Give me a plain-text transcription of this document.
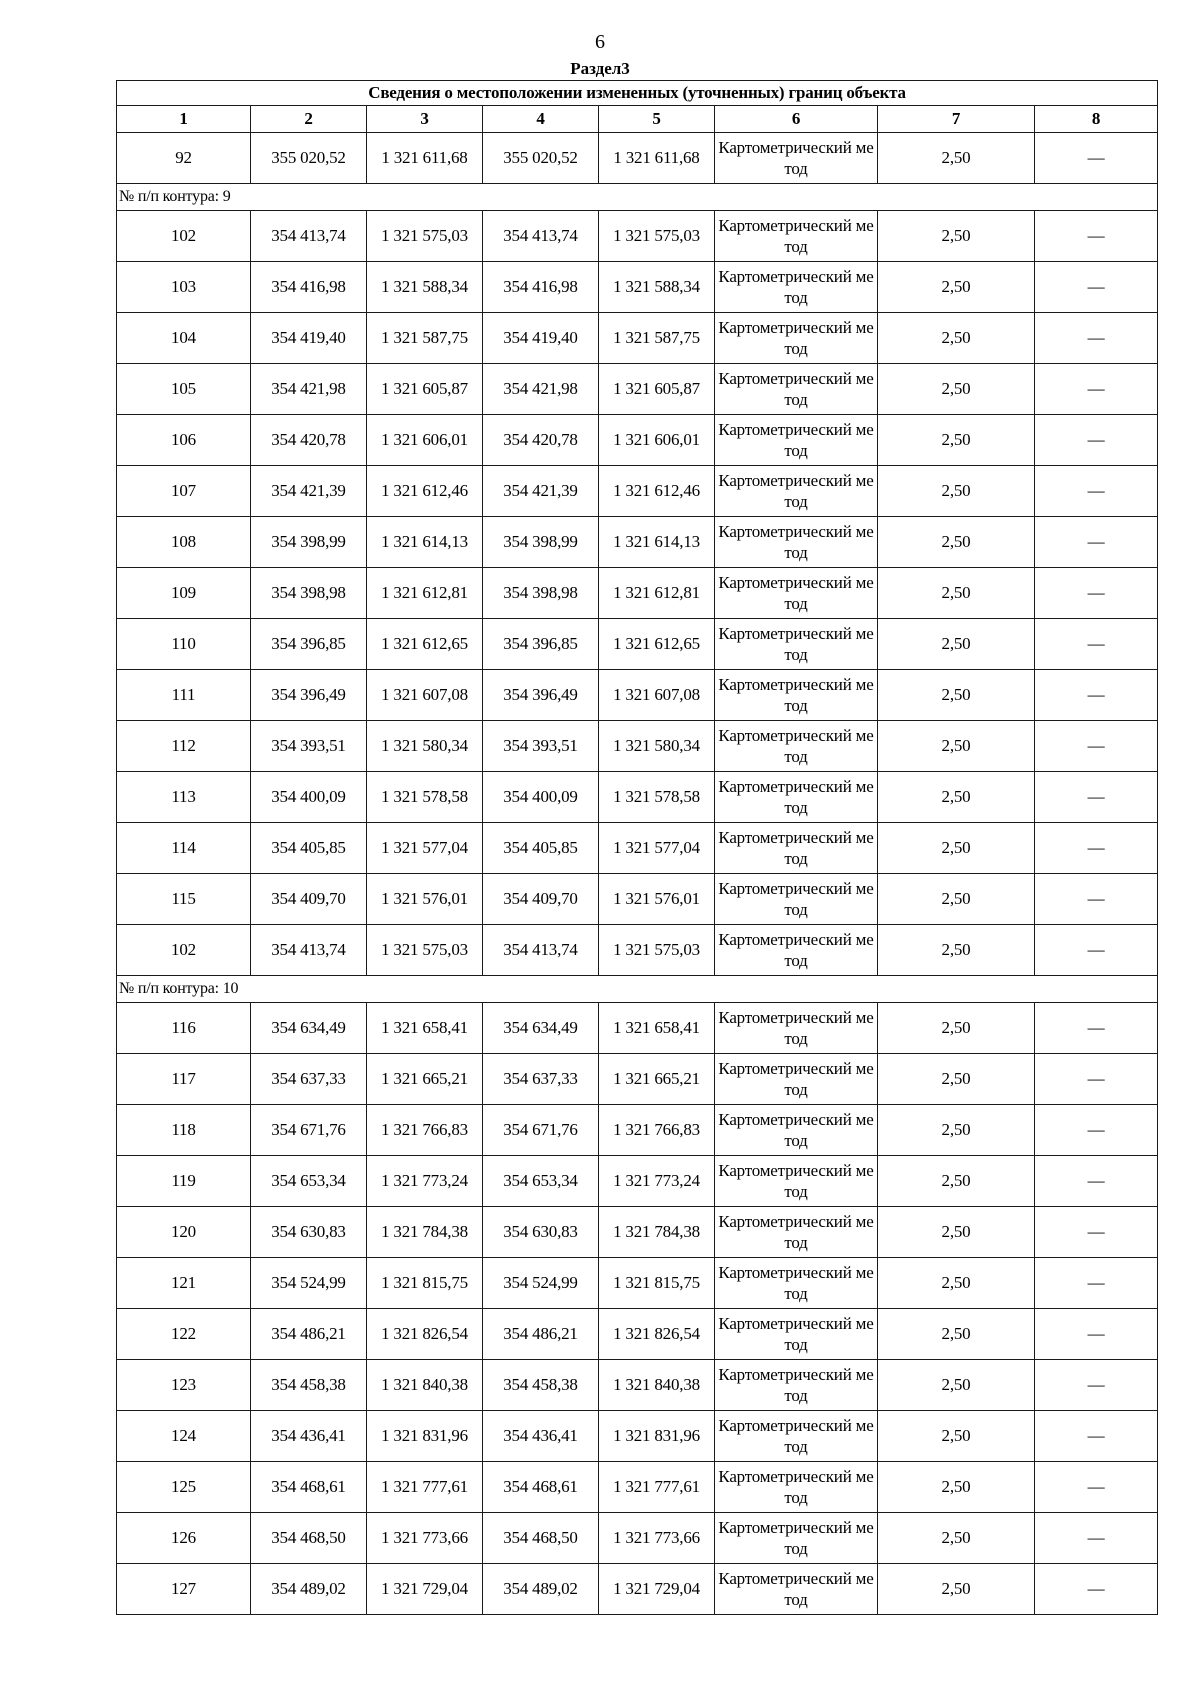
6
Раздел3
Сведения о местоположении измененных (уточненных) границ объекта							
1	2	3	4	5	6	7	8
92	355 020,52	1 321 611,68	355 020,52	1 321 611,68	Картометрический метод	2,50	—
№ п/п контура: 9							
102	354 413,74	1 321 575,03	354 413,74	1 321 575,03	Картометрический метод	2,50	—
103	354 416,98	1 321 588,34	354 416,98	1 321 588,34	Картометрический метод	2,50	—
104	354 419,40	1 321 587,75	354 419,40	1 321 587,75	Картометрический метод	2,50	—
105	354 421,98	1 321 605,87	354 421,98	1 321 605,87	Картометрический метод	2,50	—
106	354 420,78	1 321 606,01	354 420,78	1 321 606,01	Картометрический метод	2,50	—
107	354 421,39	1 321 612,46	354 421,39	1 321 612,46	Картометрический метод	2,50	—
108	354 398,99	1 321 614,13	354 398,99	1 321 614,13	Картометрический метод	2,50	—
109	354 398,98	1 321 612,81	354 398,98	1 321 612,81	Картометрический метод	2,50	—
110	354 396,85	1 321 612,65	354 396,85	1 321 612,65	Картометрический метод	2,50	—
111	354 396,49	1 321 607,08	354 396,49	1 321 607,08	Картометрический метод	2,50	—
112	354 393,51	1 321 580,34	354 393,51	1 321 580,34	Картометрический метод	2,50	—
113	354 400,09	1 321 578,58	354 400,09	1 321 578,58	Картометрический метод	2,50	—
114	354 405,85	1 321 577,04	354 405,85	1 321 577,04	Картометрический метод	2,50	—
115	354 409,70	1 321 576,01	354 409,70	1 321 576,01	Картометрический метод	2,50	—
102	354 413,74	1 321 575,03	354 413,74	1 321 575,03	Картометрический метод	2,50	—
№ п/п контура: 10							
116	354 634,49	1 321 658,41	354 634,49	1 321 658,41	Картометрический метод	2,50	—
117	354 637,33	1 321 665,21	354 637,33	1 321 665,21	Картометрический метод	2,50	—
118	354 671,76	1 321 766,83	354 671,76	1 321 766,83	Картометрический метод	2,50	—
119	354 653,34	1 321 773,24	354 653,34	1 321 773,24	Картометрический метод	2,50	—
120	354 630,83	1 321 784,38	354 630,83	1 321 784,38	Картометрический метод	2,50	—
121	354 524,99	1 321 815,75	354 524,99	1 321 815,75	Картометрический метод	2,50	—
122	354 486,21	1 321 826,54	354 486,21	1 321 826,54	Картометрический метод	2,50	—
123	354 458,38	1 321 840,38	354 458,38	1 321 840,38	Картометрический метод	2,50	—
124	354 436,41	1 321 831,96	354 436,41	1 321 831,96	Картометрический метод	2,50	—
125	354 468,61	1 321 777,61	354 468,61	1 321 777,61	Картометрический метод	2,50	—
126	354 468,50	1 321 773,66	354 468,50	1 321 773,66	Картометрический метод	2,50	—
127	354 489,02	1 321 729,04	354 489,02	1 321 729,04	Картометрический метод	2,50	—
